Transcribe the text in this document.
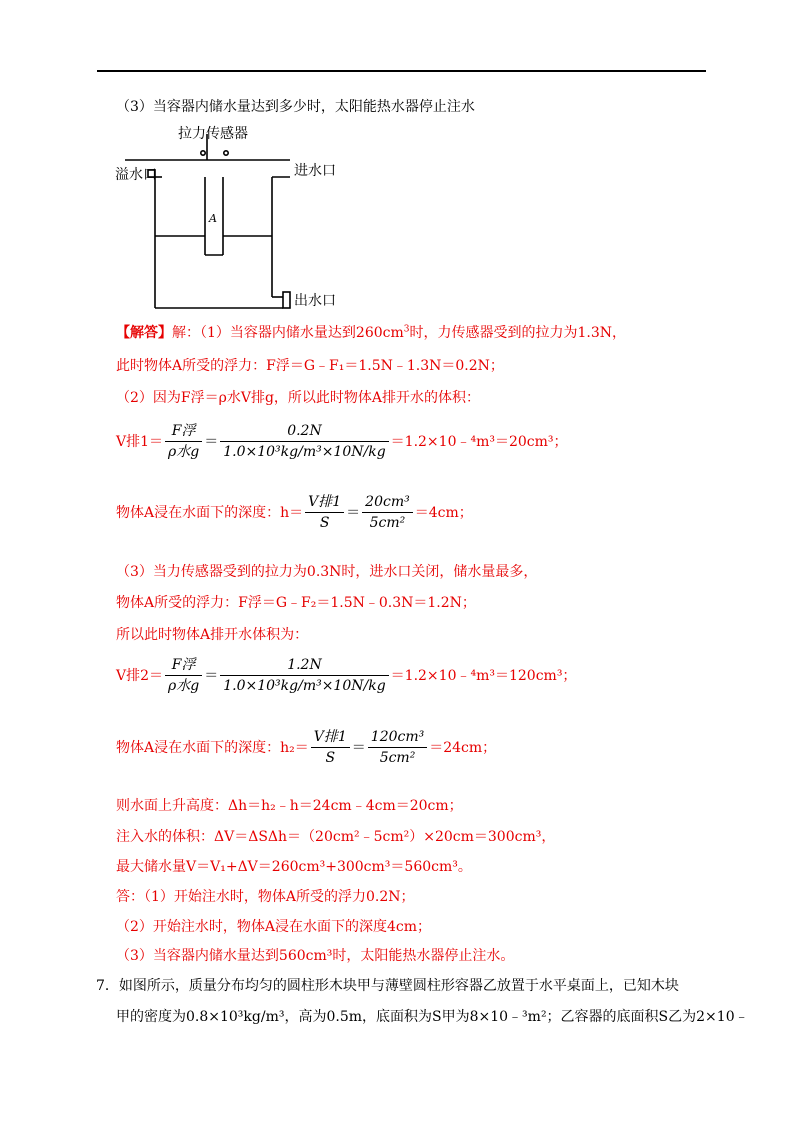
（3）当容器内储水量达到多少时，太阳能热水器停止注水
拉力传感器
溢水口	进水口
出水口
A
【解答】解：（1）当容器内储水量达到$260cm^3$时，力传感器受到的拉力为1.3N，
此时物体A所受的浮力：F浮＝G﹣F₁＝1.5N﹣1.3N＝0.2N；
（2）因为F浮＝ρ水V排g，所以此时物体A排开水的体积：
V排$1= \frac{\text{F浮}}{\text{ρ水g}} = \frac{0.2N}{\text{1.0×10³kg/m³×10N/kg}}$ ＝1.2×10﹣⁴m³＝20cm³；
物体A浸在水面下的深度：$h= \frac{\text{V排1}}{S} = \frac{\text{20cm³}}{\text{5cm²}} =4cm$；
（3）当力传感器受到的拉力为0.3N时，进水口关闭，储水量最多，
物体A所受的浮力：F浮＝G﹣F₂＝1.5N﹣0.3N＝1.2N；
所以此时物体A排开水体积为：
V排$2= \frac{\text{F浮}}{\text{ρ水g}} = \frac{1.2N}{\text{1.0×10³kg/m³×10N/kg}}$ ＝1.2×10﹣⁴m³＝120cm³；
物体A浸在水面下的深度：$h_2= \frac{\text{V排1}}{S} = \frac{\text{120cm³}}{\text{5cm²}} =24cm$；
则水面上升高度：Δh＝h₂﹣h＝24cm﹣4cm＝20cm；
注入水的体积：ΔV＝ΔSΔh＝（20cm²﹣5cm²）×20cm＝300cm³，
最大储水量V＝V₁+ΔV＝260cm³+300cm³＝560cm³。
答：（1）开始注水时，物体A所受的浮力0.2N；
（2）开始注水时，物体A浸在水面下的深度4cm；
（3）当容器内储水量达到560cm³时，太阳能热水器停止注水。
7．如图所示，质量分布均匀的圆柱形木块甲与薄壁圆柱形容器乙放置于水平桌面上，已知木块
甲的密度为0.8×10³kg/m³，高为0.5m，底面积为S甲为8×10﹣³m²；乙容器的底面积S乙为2×10﹣
